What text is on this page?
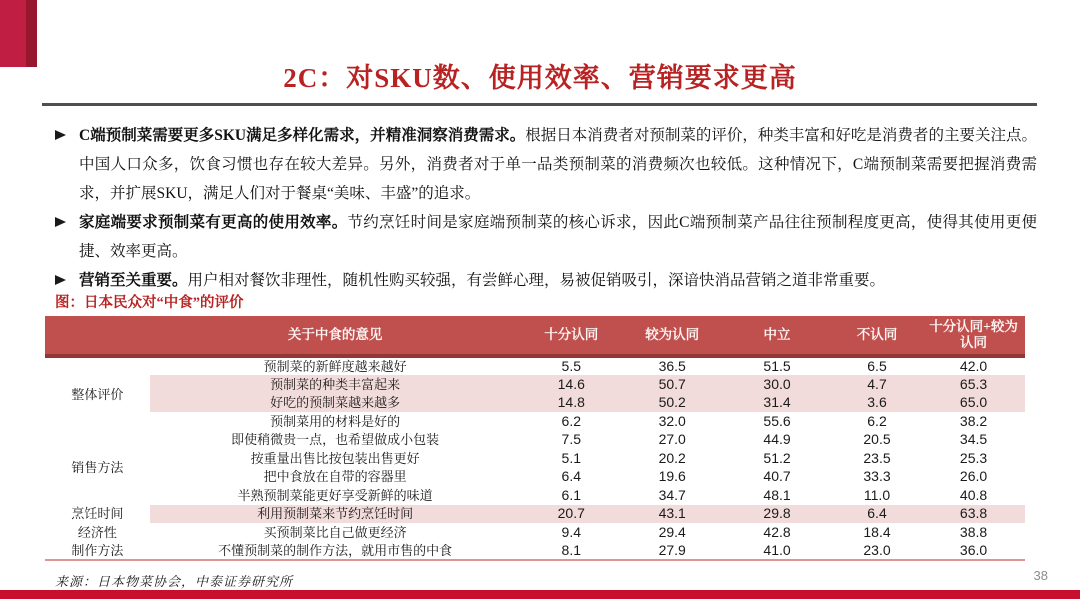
2C：对SKU数、使用效率、营销要求更高
C端预制菜需要更多SKU满足多样化需求，并精准洞察消费需求。根据日本消费者对预制菜的评价，种类丰富和好吃是消费者的主要关注点。中国人口众多，饮食习惯也存在较大差异。另外，消费者对于单一品类预制菜的消费频次也较低。这种情况下，C端预制菜需要把握消费需求，并扩展SKU，满足人们对于餐桌“美味、丰盛”的追求。
家庭端要求预制菜有更高的使用效率。节约烹饪时间是家庭端预制菜的核心诉求，因此C端预制菜产品往往预制程度更高，使得其使用更便捷、效率更高。
营销至关重要。用户相对餐饮非理性，随机性购买较强，有尝鲜心理，易被促销吸引，深谙快消品营销之道非常重要。
图：日本民众对“中食”的评价
	关于中食的意见	十分认同	较为认同	中立	不认同	十分认同+较为认同
整体评价	预制菜的新鲜度越来越好	5.5	36.5	51.5	6.5	42.0
	预制菜的种类丰富起来	14.6	50.7	30.0	4.7	65.3
	好吃的预制菜越来越多	14.8	50.2	31.4	3.6	65.0
	预制菜用的材料是好的	6.2	32.0	55.6	6.2	38.2
销售方法	即使稍微贵一点，也希望做成小包装	7.5	27.0	44.9	20.5	34.5
	按重量出售比按包装出售更好	5.1	20.2	51.2	23.5	25.3
	把中食放在自带的容器里	6.4	19.6	40.7	33.3	26.0
	半熟预制菜能更好享受新鲜的味道	6.1	34.7	48.1	11.0	40.8
烹饪时间	利用预制菜来节约烹饪时间	20.7	43.1	29.8	6.4	63.8
经济性	买预制菜比自己做更经济	9.4	29.4	42.8	18.4	38.8
制作方法	不懂预制菜的制作方法，就用市售的中食	8.1	27.9	41.0	23.0	36.0
来源：日本物菜协会，中泰证券研究所	38
